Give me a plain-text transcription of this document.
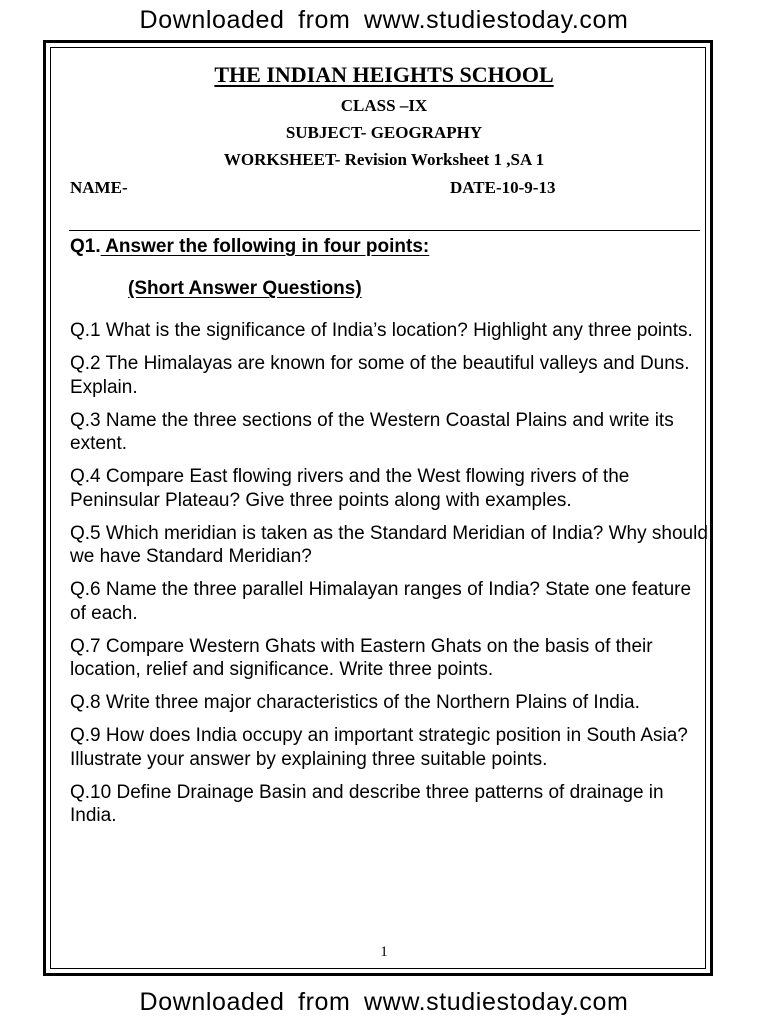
Downloaded from www.studiestoday.com
THE INDIAN HEIGHTS SCHOOL
CLASS –IX
SUBJECT- GEOGRAPHY
WORKSHEET- Revision Worksheet 1 ,SA 1
NAME-	DATE-10-9-13
Q1. Answer the following in four points:
(Short Answer Questions)
Q.1 What is the significance of India’s location? Highlight any three points.
Q.2 The Himalayas are known for some of the beautiful valleys and Duns. Explain.
Q.3 Name the three sections of the Western Coastal Plains and write its extent.
Q.4 Compare East flowing rivers and the West flowing rivers of the Peninsular Plateau? Give three points along with examples.
Q.5 Which meridian is taken as the Standard Meridian of India? Why should we have Standard Meridian?
Q.6 Name the three parallel Himalayan ranges of India? State one feature of each.
Q.7 Compare Western Ghats with Eastern Ghats on the basis of their location, relief and significance. Write three points.
Q.8 Write three major characteristics of the Northern Plains of India.
Q.9 How does India occupy an important strategic position in South Asia? Illustrate your answer by explaining three suitable points.
Q.10 Define Drainage Basin and describe three patterns of drainage in India.
1
Downloaded from www.studiestoday.com
